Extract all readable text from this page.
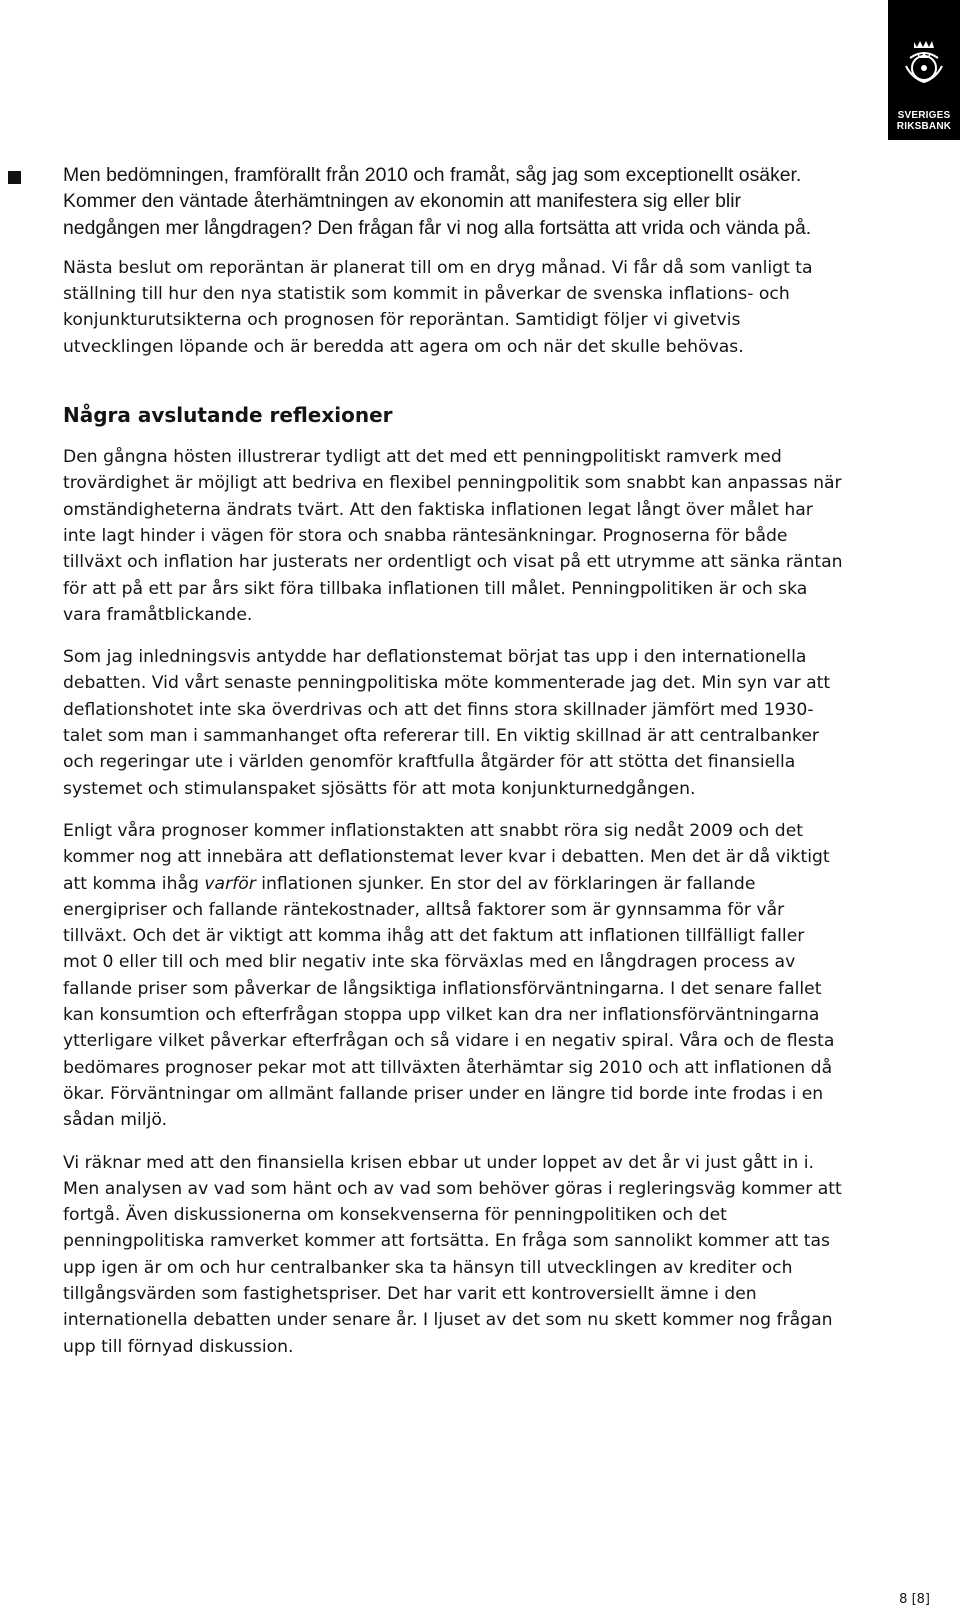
SVERIGES
RIKSBANK

Men bedömningen, framförallt från 2010 och framåt, såg jag som exceptionellt osäker. Kommer den väntade återhämtningen av ekonomin att manifestera sig eller blir nedgången mer långdragen? Den frågan får vi nog alla fortsätta att vrida och vända på.

Nästa beslut om reporäntan är planerat till om en dryg månad. Vi får då som vanligt ta ställning till hur den nya statistik som kommit in påverkar de svenska inflations- och konjunkturutsikterna och prognosen för reporäntan. Samtidigt följer vi givetvis utvecklingen löpande och är beredda att agera om och när det skulle behövas.

Några avslutande reflexioner

Den gångna hösten illustrerar tydligt att det med ett penningpolitiskt ramverk med trovärdighet är möjligt att bedriva en flexibel penningpolitik som snabbt kan anpassas när omständigheterna ändrats tvärt. Att den faktiska inflationen legat långt över målet har inte lagt hinder i vägen för stora och snabba räntesänkningar. Prognoserna för både tillväxt och inflation har justerats ner ordentligt och visat på ett utrymme att sänka räntan för att på ett par års sikt föra tillbaka inflationen till målet. Penningpolitiken är och ska vara framåtblickande.

Som jag inledningsvis antydde har deflationstemat börjat tas upp i den internationella debatten. Vid vårt senaste penningpolitiska möte kommenterade jag det. Min syn var att deflationshotet inte ska överdrivas och att det finns stora skillnader jämfört med 1930-talet som man i sammanhanget ofta refererar till. En viktig skillnad är att centralbanker och regeringar ute i världen genomför kraftfulla åtgärder för att stötta det finansiella systemet och stimulanspaket sjösätts för att mota konjunkturnedgången.

Enligt våra prognoser kommer inflationstakten att snabbt röra sig nedåt 2009 och det kommer nog att innebära att deflationstemat lever kvar i debatten. Men det är då viktigt att komma ihåg varför inflationen sjunker. En stor del av förklaringen är fallande energipriser och fallande räntekostnader, alltså faktorer som är gynnsamma för vår tillväxt. Och det är viktigt att komma ihåg att det faktum att inflationen tillfälligt faller mot 0 eller till och med blir negativ inte ska förväxlas med en långdragen process av fallande priser som påverkar de långsiktiga inflationsförväntningarna. I det senare fallet kan konsumtion och efterfrågan stoppa upp vilket kan dra ner inflationsförväntningarna ytterligare vilket påverkar efterfrågan och så vidare i en negativ spiral. Våra och de flesta bedömares prognoser pekar mot att tillväxten återhämtar sig 2010 och att inflationen då ökar. Förväntningar om allmänt fallande priser under en längre tid borde inte frodas i en sådan miljö.

Vi räknar med att den finansiella krisen ebbar ut under loppet av det år vi just gått in i. Men analysen av vad som hänt och av vad som behöver göras i regleringsväg kommer att fortgå. Även diskussionerna om konsekvenserna för penningpolitiken och det penningpolitiska ramverket kommer att fortsätta. En fråga som sannolikt kommer att tas upp igen är om och hur centralbanker ska ta hänsyn till utvecklingen av krediter och tillgångsvärden som fastighetspriser. Det har varit ett kontroversiellt ämne i den internationella debatten under senare år. I ljuset av det som nu skett kommer nog frågan upp till förnyad diskussion.

8 [8]
